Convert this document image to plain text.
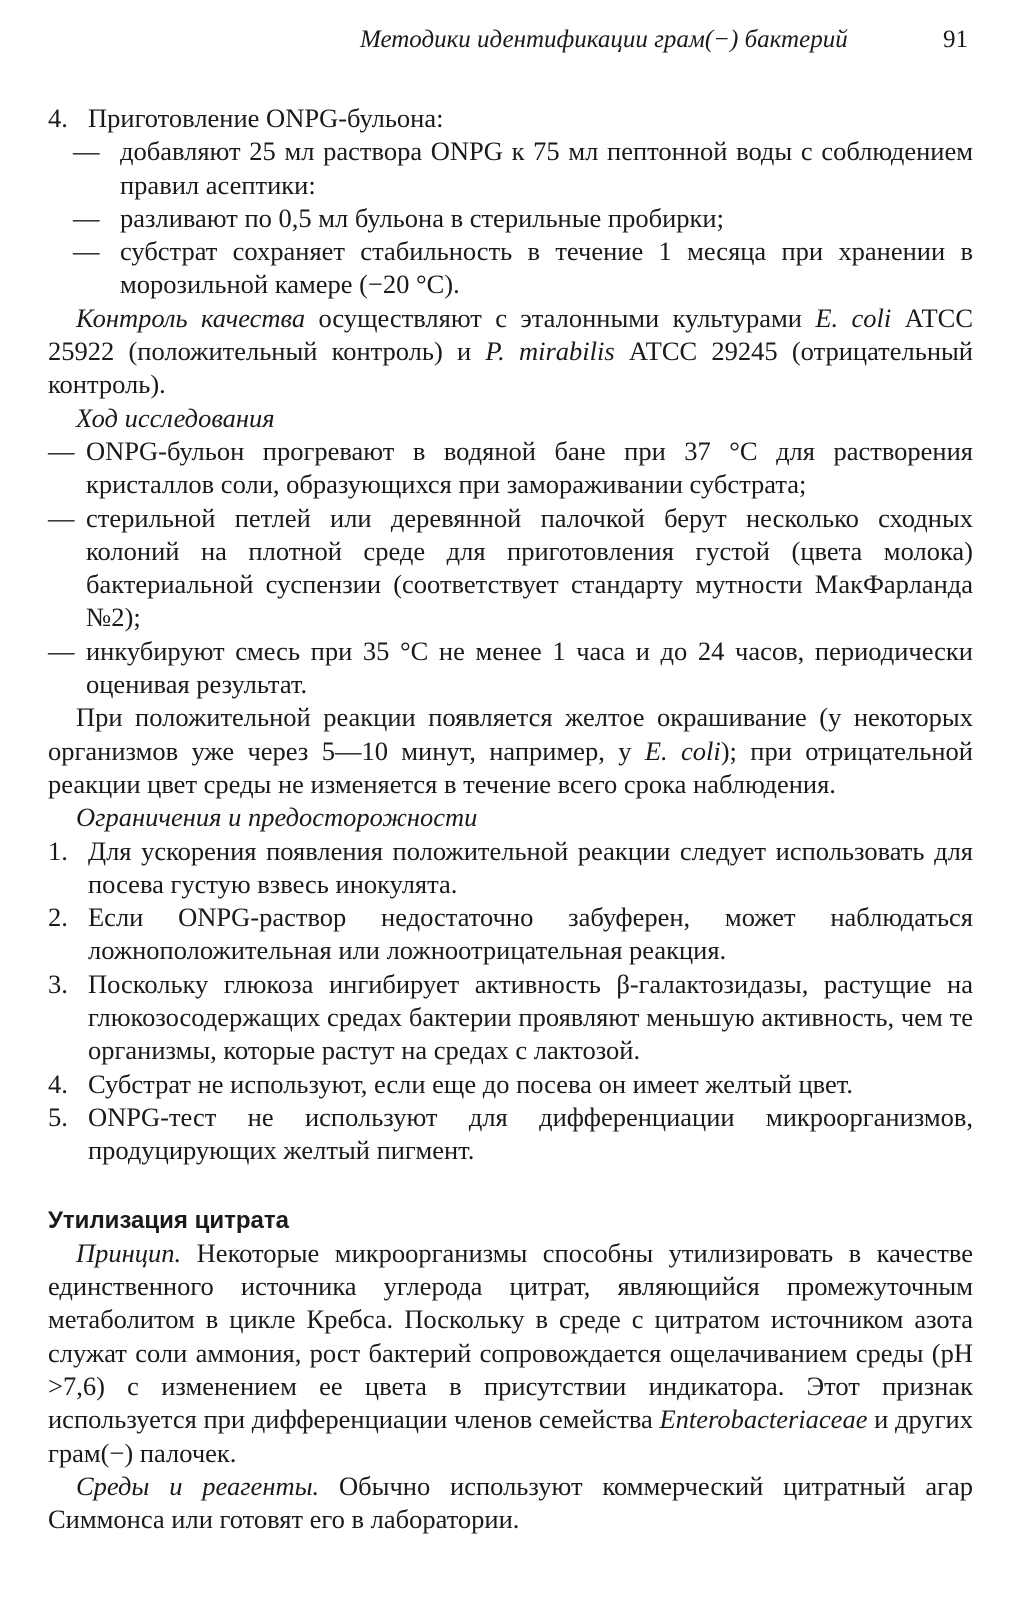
Методики идентификации грам(−) бактерий	91
4. Приготовление ONPG-бульона:
— добавляют 25 мл раствора ONPG к 75 мл пептонной воды с соблюдением правил асептики:
— разливают по 0,5 мл бульона в стерильные пробирки;
— субстрат сохраняет стабильность в течение 1 месяца при хранении в морозильной камере (−20 °C).

Контроль качества осуществляют с эталонными культурами E. coli АТСС 25922 (положительный контроль) и P. mirabilis АТСС 29245 (отрицательный контроль).

Ход исследования

— ONPG-бульон прогревают в водяной бане при 37 °С для растворения кристаллов соли, образующихся при замораживании субстрата;
— стерильной петлей или деревянной палочкой берут несколько сходных колоний на плотной среде для приготовления густой (цвета молока) бактериальной суспензии (соответствует стандарту мутности МакФарланда №2);
— инкубируют смесь при 35 °С не менее 1 часа и до 24 часов, периодически оценивая результат.

При положительной реакции появляется желтое окрашивание (у некоторых организмов уже через 5—10 минут, например, у E. coli); при отрицательной реакции цвет среды не изменяется в течение всего срока наблюдения.

Ограничения и предосторожности

1. Для ускорения появления положительной реакции следует использовать для посева густую взвесь инокулята.
2. Если ONPG-раствор недостаточно забуферен, может наблюдаться ложноположительная или ложноотрицательная реакция.
3. Поскольку глюкоза ингибирует активность β-галактозидазы, растущие на глюкозосодержащих средах бактерии проявляют меньшую активность, чем те организмы, которые растут на средах с лактозой.
4. Субстрат не используют, если еще до посева он имеет желтый цвет.
5. ONPG-тест не используют для дифференциации микроорганизмов, продуцирующих желтый пигмент.
Утилизация цитрата

Принцип. Некоторые микроорганизмы способны утилизировать в качестве единственного источника углерода цитрат, являющийся промежуточным метаболитом в цикле Кребса. Поскольку в среде с цитратом источником азота служат соли аммония, рост бактерий сопровождается ощелачиванием среды (pH >7,6) с изменением ее цвета в присутствии индикатора. Этот признак используется при дифференциации членов семейства Enterobacteriaceae и других грам(−) палочек.

Среды и реагенты. Обычно используют коммерческий цитратный агар Симмонса или готовят его в лаборатории.
